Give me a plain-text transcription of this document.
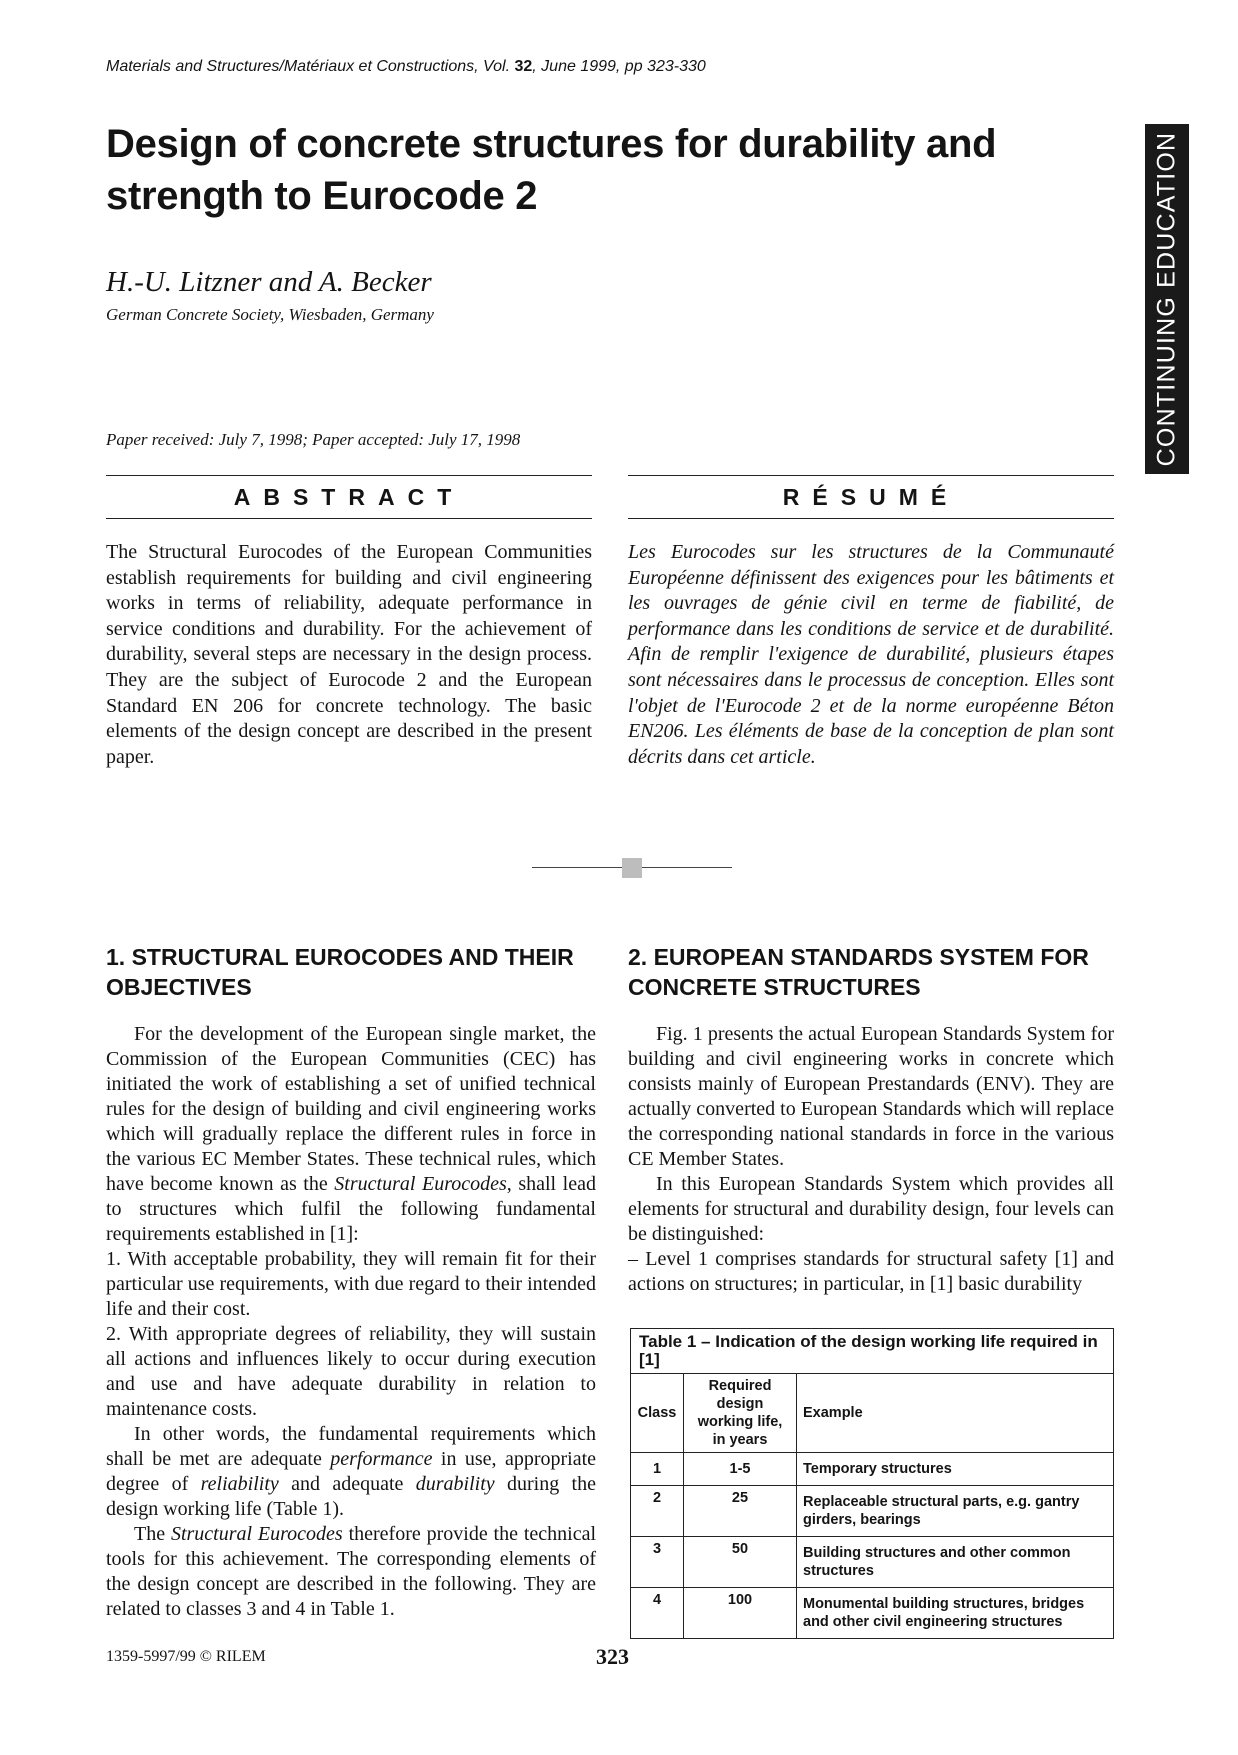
Materials and Structures/Matériaux et Constructions, Vol. 32, June 1999, pp 323-330
Design of concrete structures for durability and strength to Eurocode 2
H.-U. Litzner and A. Becker
German Concrete Society, Wiesbaden, Germany
Paper received: July 7, 1998; Paper accepted: July 17, 1998	CONTINUING EDUCATION
ABSTRACT
The Structural Eurocodes of the European Communities establish requirements for building and civil engineering works in terms of reliability, adequate performance in service conditions and durability. For the achievement of durability, several steps are necessary in the design process. They are the subject of Eurocode 2 and the European Standard EN 206 for concrete technology. The basic elements of the design concept are described in the present paper.
RÉSUMÉ
Les Eurocodes sur les structures de la Communauté Européenne définissent des exigences pour les bâtiments et les ouvrages de génie civil en terme de fiabilité, de performance dans les conditions de service et de durabilité. Afin de remplir l'exigence de durabilité, plusieurs étapes sont nécessaires dans le processus de conception. Elles sont l'objet de l'Eurocode 2 et de la norme européenne Béton EN206. Les éléments de base de la conception de plan sont décrits dans cet article.
1. STRUCTURAL EUROCODES AND THEIR OBJECTIVES

For the development of the European single market, the Commission of the European Communities (CEC) has initiated the work of establishing a set of unified technical rules for the design of building and civil engineering works which will gradually replace the different rules in force in the various EC Member States. These technical rules, which have become known as the Structural Eurocodes, shall lead to structures which fulfil the following fundamental requirements established in [1]:

1. With acceptable probability, they will remain fit for their particular use requirements, with due regard to their intended life and their cost.

2. With appropriate degrees of reliability, they will sustain all actions and influences likely to occur during execution and use and have adequate durability in relation to maintenance costs.

In other words, the fundamental requirements which shall be met are adequate performance in use, appropriate degree of reliability and adequate durability during the design working life (Table 1).

The Structural Eurocodes therefore provide the technical tools for this achievement. The corresponding elements of the design concept are described in the following. They are related to classes 3 and 4 in Table 1.

2. EUROPEAN STANDARDS SYSTEM FOR CONCRETE STRUCTURES

Fig. 1 presents the actual European Standards System for building and civil engineering works in concrete which consists mainly of European Prestandards (ENV). They are actually converted to European Standards which will replace the corresponding national standards in force in the various CE Member States.

In this European Standards System which provides all elements for structural and durability design, four levels can be distinguished:

– Level 1 comprises standards for structural safety [1] and actions on structures; in particular, in [1] basic durability

Table 1 – Indication of the design working life required in [1]		
Class	Required design working life, in years	Example
1	1-5	Temporary structures
2	25	Replaceable structural parts, e.g. gantry girders, bearings
3	50	Building structures and other common structures
4	100	Monumental building structures, bridges and other civil engineering structures
1359-5997/99 © RILEM	323
